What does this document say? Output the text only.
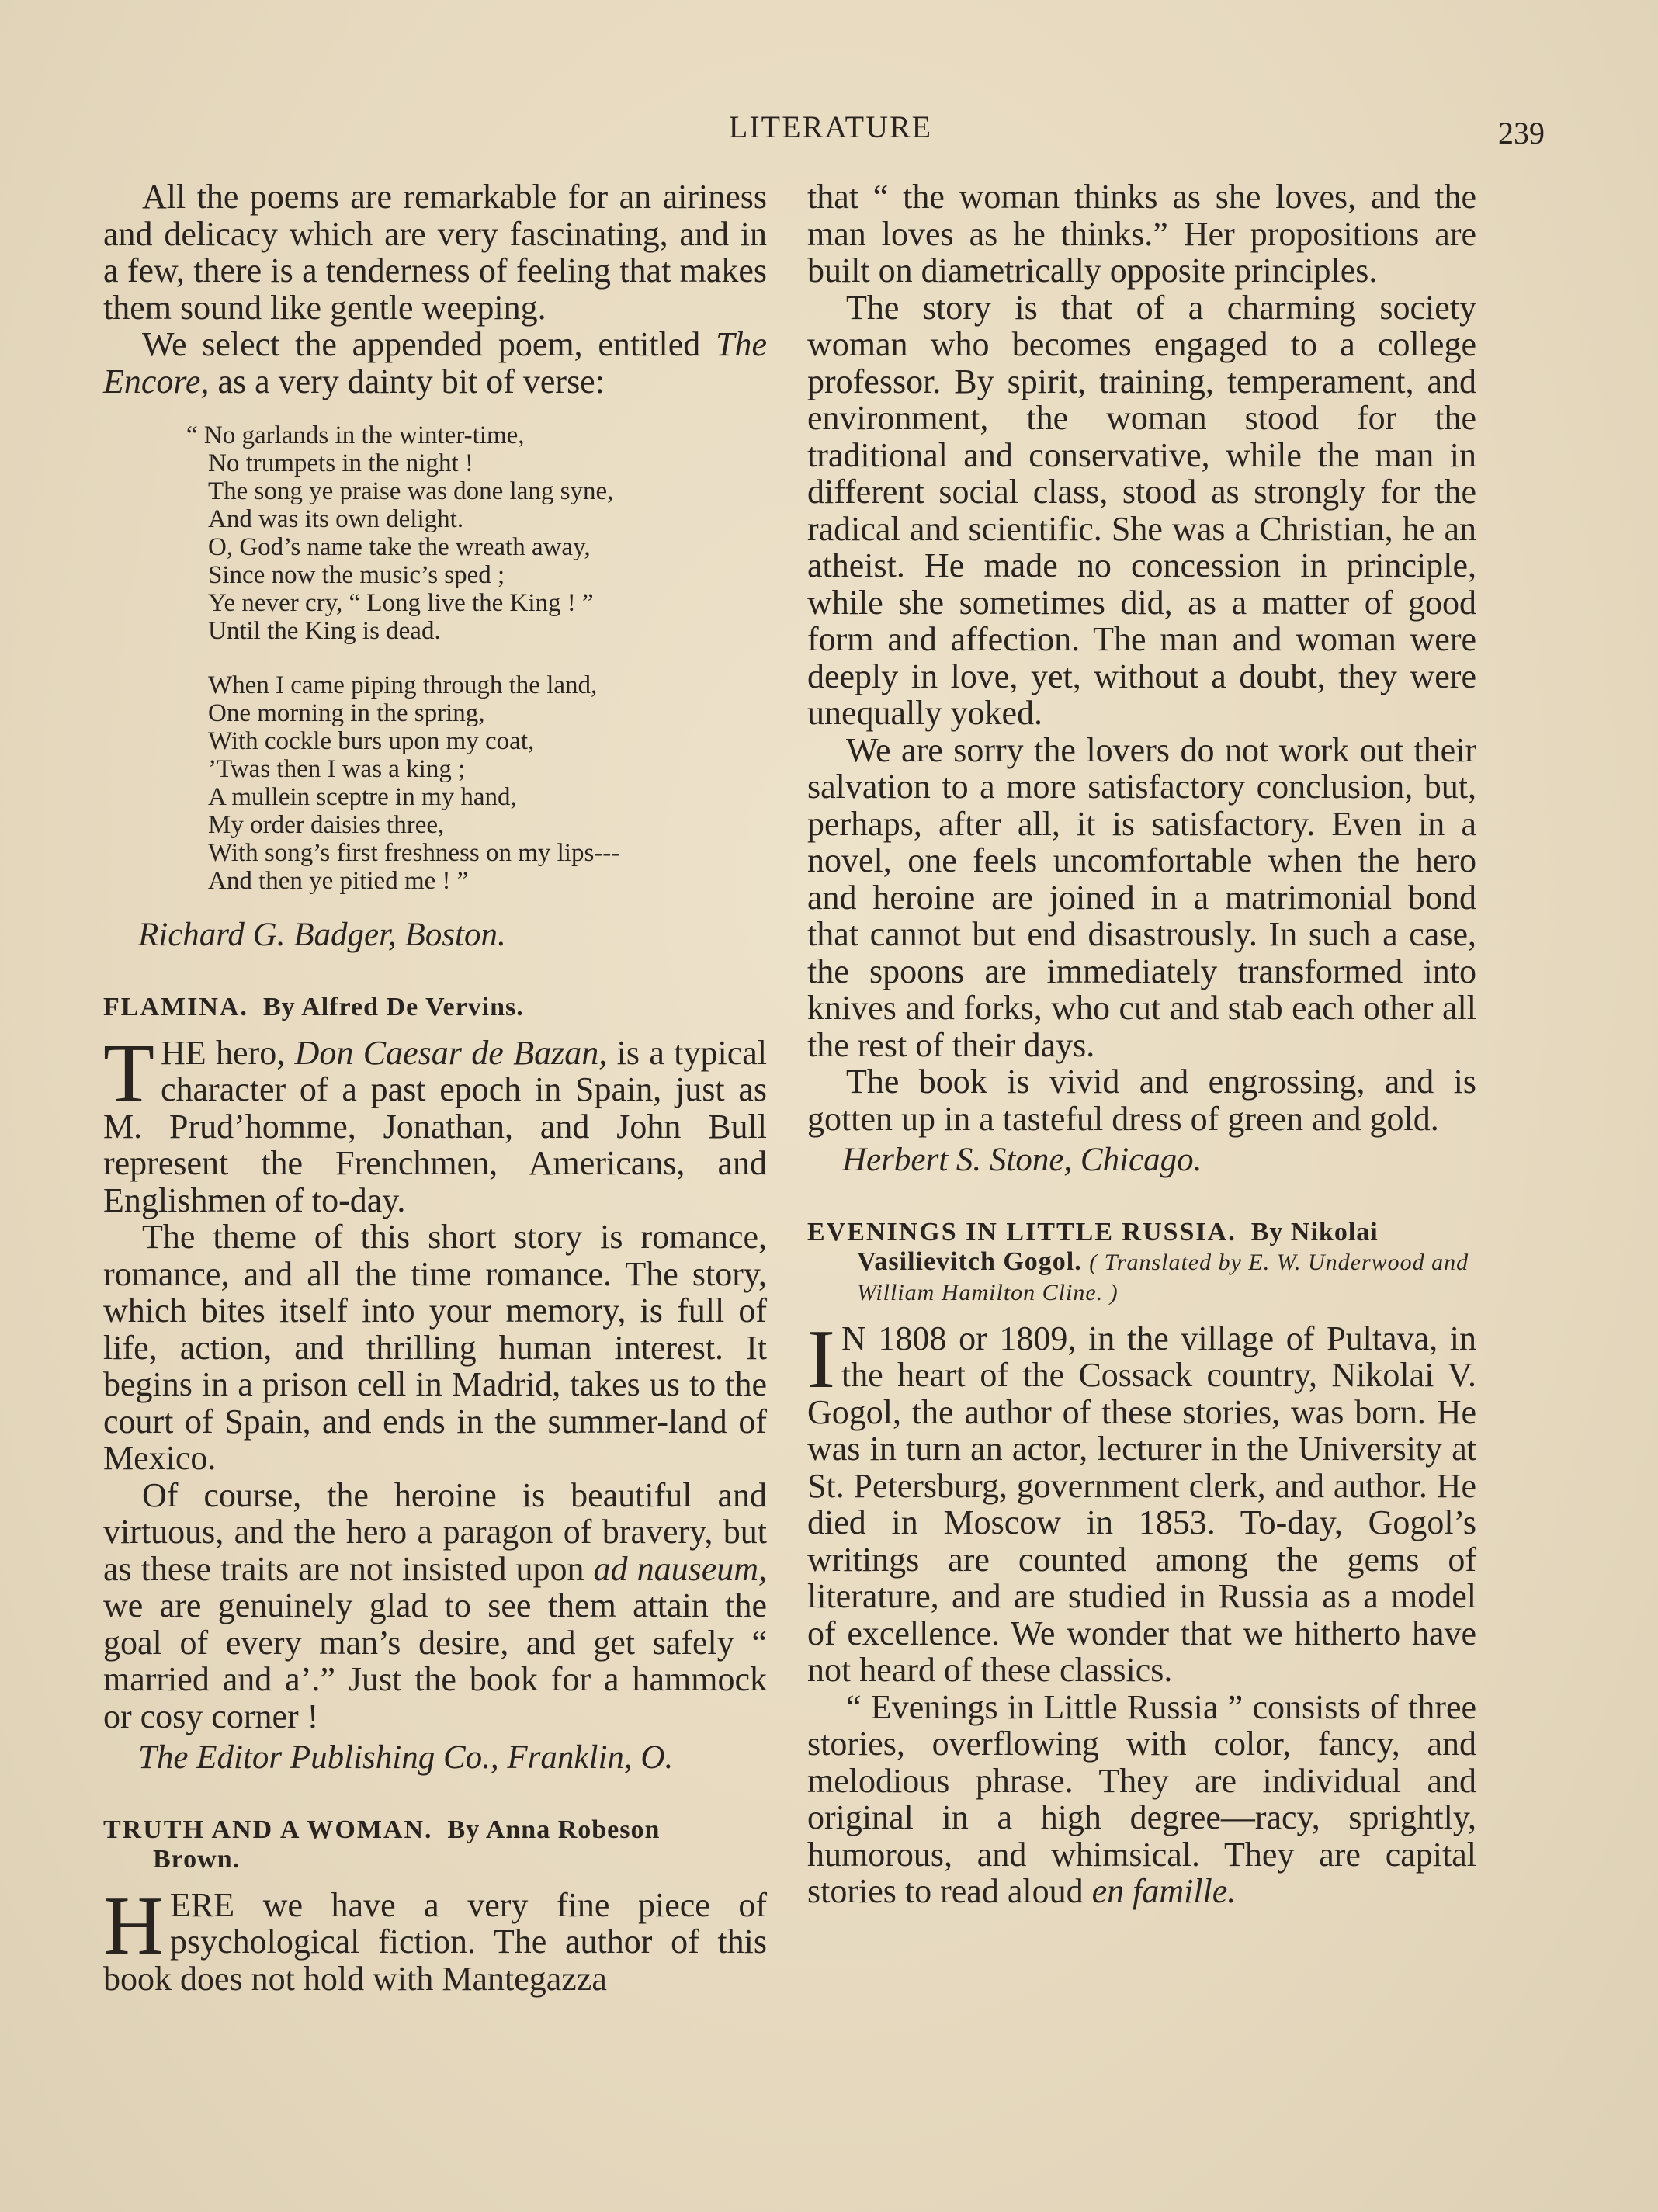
LITERATURE	239

All the poems are remarkable for an airiness and delicacy which are very fascinating, and in a few, there is a tenderness of feeling that makes them sound like gentle weeping.

We select the appended poem, entitled The Encore, as a very dainty bit of verse:

“ No garlands in the winter-time,
No trumpets in the night !
The song ye praise was done lang syne,
And was its own delight.
O, God’s name take the wreath away,
Since now the music’s sped ;
Ye never cry, “ Long live the King ! ”
Until the King is dead.
When I came piping through the land,
One morning in the spring,
With cockle burs upon my coat,
’Twas then I was a king ;
A mullein sceptre in my hand,
My order daisies three,
With song’s first freshness on my lips---
And then ye pitied me ! ”

Richard G. Badger, Boston.

FLAMINA. By Alfred De Vervins.

THE hero, Don Caesar de Bazan, is a typical character of a past epoch in Spain, just as M. Prud’homme, Jonathan, and John Bull represent the Frenchmen, Americans, and Englishmen of to-day.

The theme of this short story is romance, romance, and all the time romance. The story, which bites itself into your memory, is full of life, action, and thrilling human interest. It begins in a prison cell in Madrid, takes us to the court of Spain, and ends in the summer-land of Mexico.

Of course, the heroine is beautiful and virtuous, and the hero a paragon of bravery, but as these traits are not insisted upon ad nauseum, we are genuinely glad to see them attain the goal of every man’s desire, and get safely “ married and a’.” Just the book for a hammock or cosy corner !

The Editor Publishing Co., Franklin, O.

TRUTH AND A WOMAN. By Anna Robeson
Brown.

HERE we have a very fine piece of psychological fiction. The author of this book does not hold with Mantegazza

that “ the woman thinks as she loves, and the man loves as he thinks.” Her propositions are built on diametrically opposite principles.

The story is that of a charming society woman who becomes engaged to a college professor. By spirit, training, temperament, and environment, the woman stood for the traditional and conservative, while the man in different social class, stood as strongly for the radical and scientific. She was a Christian, he an atheist. He made no concession in principle, while she sometimes did, as a matter of good form and affection. The man and woman were deeply in love, yet, without a doubt, they were unequally yoked.

We are sorry the lovers do not work out their salvation to a more satisfactory conclusion, but, perhaps, after all, it is satisfactory. Even in a novel, one feels uncomfortable when the hero and heroine are joined in a matrimonial bond that cannot but end disastrously. In such a case, the spoons are immediately transformed into knives and forks, who cut and stab each other all the rest of their days.

The book is vivid and engrossing, and is gotten up in a tasteful dress of green and gold.

Herbert S. Stone, Chicago.

EVENINGS IN LITTLE RUSSIA. By Nikolai
Vasilievitch Gogol. ( Translated by E. W. Underwood and William Hamilton Cline. )

I N 1808 or 1809, in the village of Pultava, in the heart of the Cossack country, Nikolai V. Gogol, the author of these stories, was born. He was in turn an actor, lecturer in the University at St. Petersburg, government clerk, and author. He died in Moscow in 1853. To-day, Gogol’s writings are counted among the gems of literature, and are studied in Russia as a model of excellence. We wonder that we hitherto have not heard of these classics.

“ Evenings in Little Russia ” consists of three stories, overflowing with color, fancy, and melodious phrase. They are individual and original in a high degree—racy, sprightly, humorous, and whimsical. They are capital stories to read aloud en famille.
